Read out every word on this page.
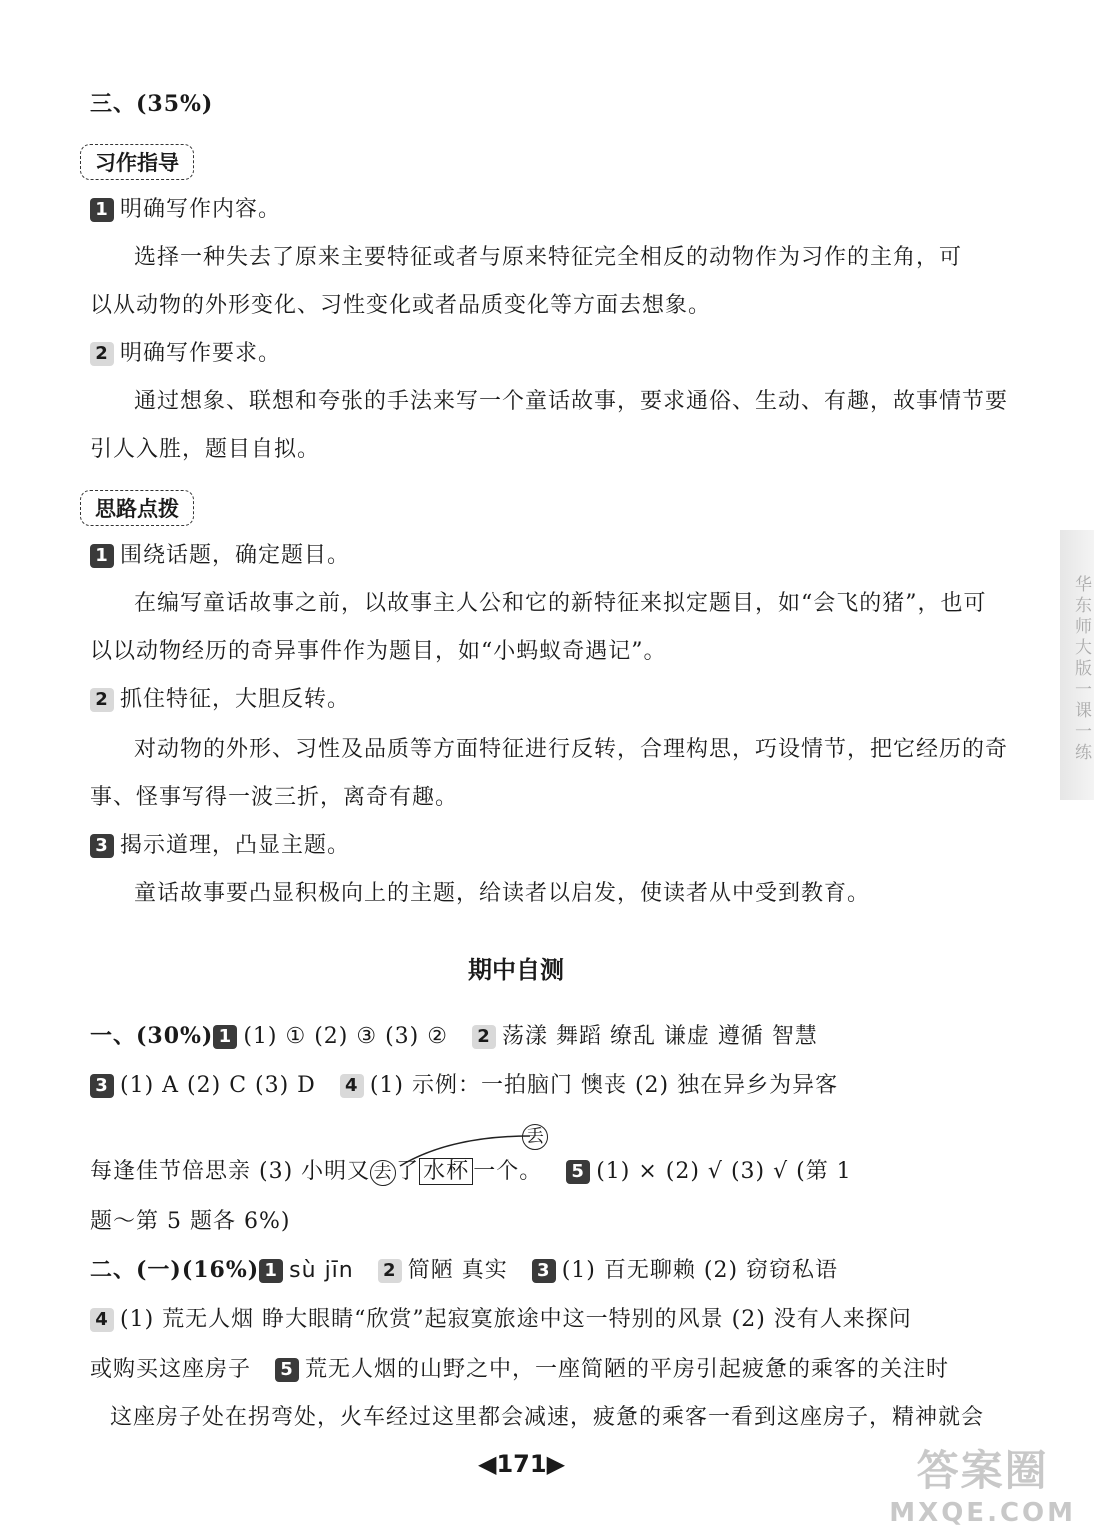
三、(35%)
习作指导
1 明确写作内容。
选择一种失去了原来主要特征或者与原来特征完全相反的动物作为习作的主角，可
以从动物的外形变化、习性变化或者品质变化等方面去想象。
2 明确写作要求。
通过想象、联想和夸张的手法来写一个童话故事，要求通俗、生动、有趣，故事情节要
引人入胜，题目自拟。
思路点拨
1 围绕话题，确定题目。
在编写童话故事之前，以故事主人公和它的新特征来拟定题目，如“会飞的猪”，也可
以以动物经历的奇异事件作为题目，如“小蚂蚁奇遇记”。
2 抓住特征，大胆反转。
对动物的外形、习性及品质等方面特征进行反转，合理构思，巧设情节，把它经历的奇
事、怪事写得一波三折，离奇有趣。
3 揭示道理，凸显主题。
童话故事要凸显积极向上的主题，给读者以启发，使读者从中受到教育。
期中自测
一、(30%) 1 (1) ① (2) ③ (3) ② 2 荡漾 舞蹈 缭乱 谦虚 遵循 智慧
3 (1) A (2) C (3) D 4 (1) 示例：一拍脑门 懊丧 (2) 独在异乡为异客
丢
每逢佳节倍思亲 (3) 小明又 去 了 水杯 一个。 5 (1) × (2) √ (3) √ (第 1
题～第 5 题各 6%)
二、(一)(16%) 1 sù jīn 2 简陋 真实 3 (1) 百无聊赖 (2) 窃窃私语
4 (1) 荒无人烟 睁大眼睛“欣赏”起寂寞旅途中这一特别的风景 (2) 没有人来探问
或购买这座房子 5 荒无人烟的山野之中，一座简陋的平房引起疲惫的乘客的关注时
这座房子处在拐弯处，火车经过这里都会减速，疲惫的乘客一看到这座房子，精神就会
◀171▶
华东师大版一课一练
答案圈
MXQE.COM
